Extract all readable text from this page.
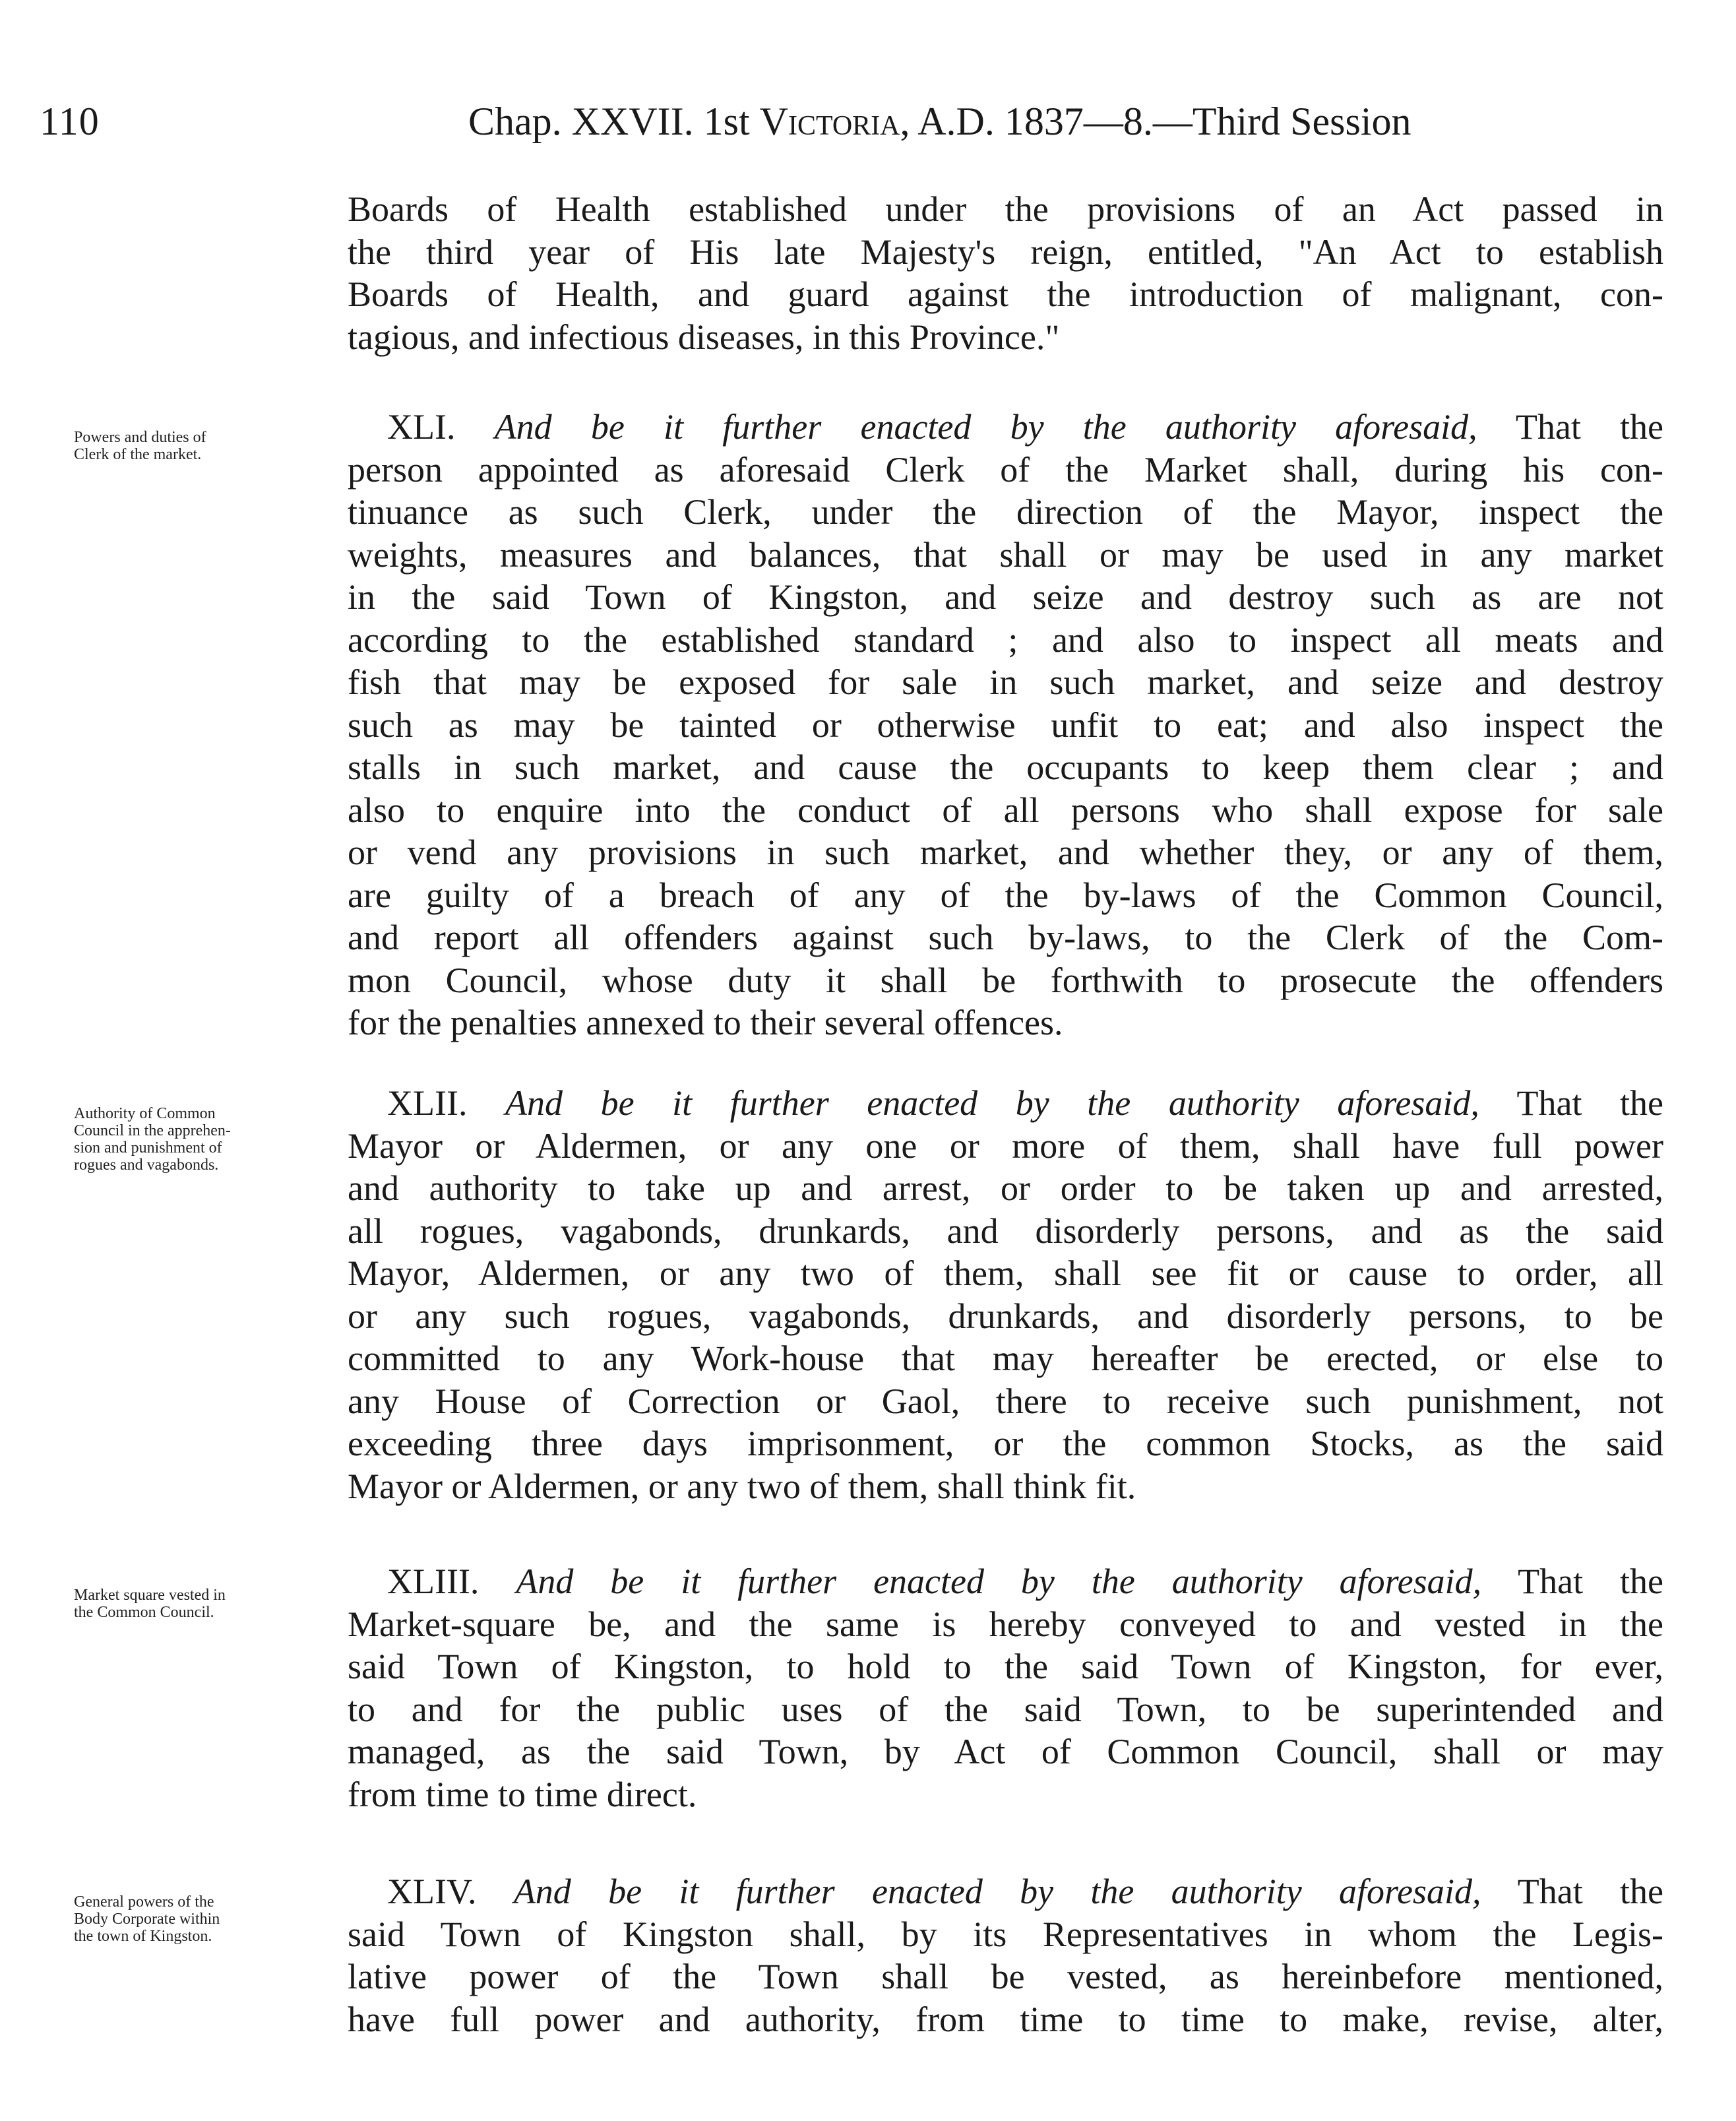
110	Chap. XXVII. 1st Victoria, A.D. 1837—8.—Third Session
Boards of Health established under the provisions of an Act passed in
the third year of His late Majesty's reign, entitled, "An Act to establish
Boards of Health, and guard against the introduction of malignant, con-
tagious, and infectious diseases, in this Province."
Powers and duties of
Clerk of the market.
XLI. And be it further enacted by the authority aforesaid, That the
person appointed as aforesaid Clerk of the Market shall, during his con-
tinuance as such Clerk, under the direction of the Mayor, inspect the
weights, measures and balances, that shall or may be used in any market
in the said Town of Kingston, and seize and destroy such as are not
according to the established standard ; and also to inspect all meats and
fish that may be exposed for sale in such market, and seize and destroy
such as may be tainted or otherwise unfit to eat; and also inspect the
stalls in such market, and cause the occupants to keep them clear ; and
also to enquire into the conduct of all persons who shall expose for sale
or vend any provisions in such market, and whether they, or any of them,
are guilty of a breach of any of the by-laws of the Common Council,
and report all offenders against such by-laws, to the Clerk of the Com-
mon Council, whose duty it shall be forthwith to prosecute the offenders
for the penalties annexed to their several offences.
Authority of Common
Council in the apprehen-
sion and punishment of
rogues and vagabonds.
XLII. And be it further enacted by the authority aforesaid, That the
Mayor or Aldermen, or any one or more of them, shall have full power
and authority to take up and arrest, or order to be taken up and arrested,
all rogues, vagabonds, drunkards, and disorderly persons, and as the said
Mayor, Aldermen, or any two of them, shall see fit or cause to order, all
or any such rogues, vagabonds, drunkards, and disorderly persons, to be
committed to any Work-house that may hereafter be erected, or else to
any House of Correction or Gaol, there to receive such punishment, not
exceeding three days imprisonment, or the common Stocks, as the said
Mayor or Aldermen, or any two of them, shall think fit.
Market square vested in
the Common Council.
XLIII. And be it further enacted by the authority aforesaid, That the
Market-square be, and the same is hereby conveyed to and vested in the
said Town of Kingston, to hold to the said Town of Kingston, for ever,
to and for the public uses of the said Town, to be superintended and
managed, as the said Town, by Act of Common Council, shall or may
from time to time direct.
General powers of the
Body Corporate within
the town of Kingston.
XLIV. And be it further enacted by the authority aforesaid, That the
said Town of Kingston shall, by its Representatives in whom the Legis-
lative power of the Town shall be vested, as hereinbefore mentioned,
have full power and authority, from time to time to make, revise, alter,
